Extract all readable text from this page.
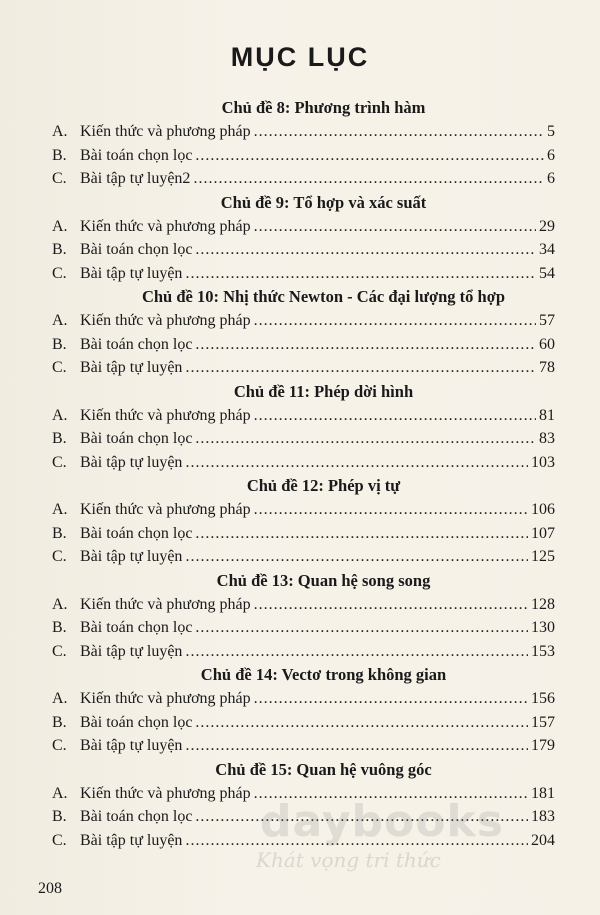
MỤC LỤC
Chủ đề 8: Phương trình hàm
A. Kiến thức và phương pháp .....	5
B. Bài toán chọn lọc .....	6
C. Bài tập tự luyện2 .....	6
Chủ đề 9: Tổ hợp và xác suất
A. Kiến thức và phương pháp .....	29
B. Bài toán chọn lọc .....	34
C. Bài tập tự luyện .....	54
Chủ đề 10: Nhị thức Newton - Các đại lượng tổ hợp
A. Kiến thức và phương pháp .....	57
B. Bài toán chọn lọc .....	60
C. Bài tập tự luyện .....	78
Chủ đề 11: Phép dời hình
A. Kiến thức và phương pháp .....	81
B. Bài toán chọn lọc .....	83
C. Bài tập tự luyện .....	103
Chủ đề 12: Phép vị tự
A. Kiến thức và phương pháp .....	106
B. Bài toán chọn lọc .....	107
C. Bài tập tự luyện .....	125
Chủ đề 13: Quan hệ song song
A. Kiến thức và phương pháp .....	128
B. Bài toán chọn lọc .....	130
C. Bài tập tự luyện .....	153
Chủ đề 14: Vectơ trong không gian
A. Kiến thức và phương pháp .....	156
B. Bài toán chọn lọc .....	157
C. Bài tập tự luyện .....	179
Chủ đề 15: Quan hệ vuông góc
A. Kiến thức và phương pháp .....	181
B. Bài toán chọn lọc .....	183
C. Bài tập tự luyện .....	204
daybooks
Khát vọng tri thức
208
